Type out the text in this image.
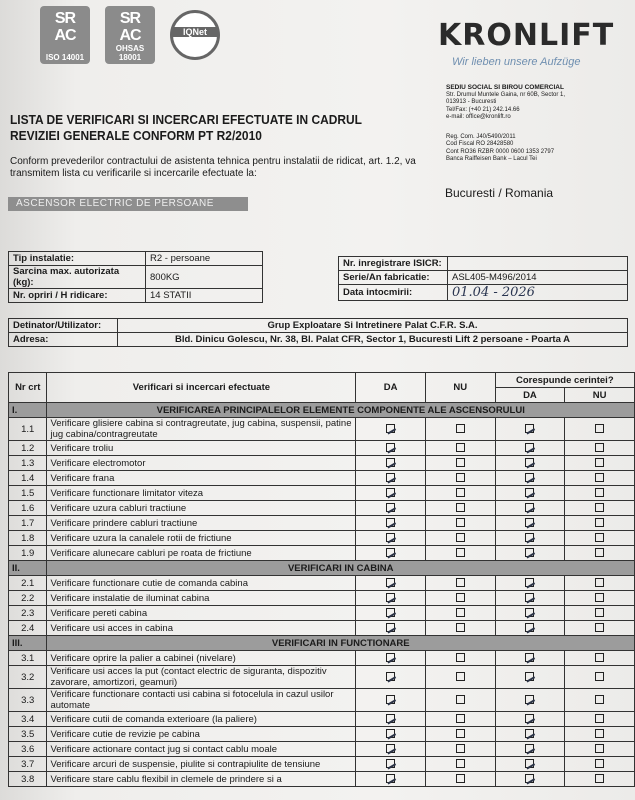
SR
AC
ISO 14001
SR
AC
OHSAS 18001
IQNet	KRONLIFT
Wir lieben unsere Aufzüge
SEDIU SOCIAL SI BIROU COMERCIAL
Str. Drumul Muntele Gaina, nr 60B, Sector 1,
013913 - Bucuresti
Tel/Fax: (+40 21) 242.14.66
e-mail: office@kronlift.ro
Reg. Com. J40/5490/2011
Cod Fiscal RO 28428580
Cont RO36 RZBR 0000 0600 1353 2797
Banca Raiffeisen Bank – Lacul Tei
Bucuresti / Romania
LISTA DE VERIFICARI SI INCERCARI EFECTUATE IN CADRUL REVIZIEI GENERALE CONFORM PT R2/2010
Conform prevederilor contractului de asistenta tehnica pentru instalatii de ridicat, art. 1.2, va transmitem lista cu verificarile si incercarile efectuate la:
ASCENSOR ELECTRIC DE PERSOANE
Tip instalatie:	R2 - persoane
Sarcina max. autorizata (kg):	800KG
Nr. opriri / H ridicare:	14 STATII
Nr. inregistrare ISICR:	
Serie/An fabricatie:	ASL405-M496/2014
Data intocmirii:	01.04 - 2026
Detinator/Utilizator:	Grup Exploatare Si Intretinere Palat C.F.R. S.A.
Adresa:	Bld. Dinicu Golescu, Nr. 38, Bl. Palat CFR, Sector 1, Bucuresti Lift 2 persoane - Poarta A
Nr crt	Verificari si incercari efectuate	DA	NU	Corespunde cerintei?	
				DA	NU
I.	VERIFICAREA PRINCIPALELOR ELEMENTE COMPONENTE ALE ASCENSORULUI				
1.1	Verificare glisiere cabina si contragreutate, jug cabina, suspensii, patine jug cabina/contragreutate				
1.2	Verificare troliu				
1.3	Verificare electromotor				
1.4	Verificare frana				
1.5	Verificare functionare limitator viteza				
1.6	Verificare uzura cabluri tractiune				
1.7	Verificare prindere cabluri tractiune				
1.8	Verificare uzura la canalele rotii de frictiune				
1.9	Verificare alunecare cabluri pe roata de frictiune				
II.	VERIFICARI IN CABINA				
2.1	Verificare functionare cutie de comanda cabina				
2.2	Verificare instalatie de iluminat cabina				
2.3	Verificare pereti cabina				
2.4	Verificare usi acces in cabina				
III.	VERIFICARI IN FUNCTIONARE				
3.1	Verificare oprire la palier a cabinei (nivelare)				
3.2	Verificare usi acces la put (contact electric de siguranta, dispozitiv zavorare, amortizori, geamuri)				
3.3	Verificare functionare contacti usi cabina si fotocelula in cazul usilor automate				
3.4	Verificare cutii de comanda exterioare (la paliere)				
3.5	Verificare cutie de revizie pe cabina				
3.6	Verificare actionare contact jug si contact cablu moale				
3.7	Verificare arcuri de suspensie, piulite si contrapiulite de tensiune				
3.8	Verificare stare cablu flexibil in clemele de prindere si a				
